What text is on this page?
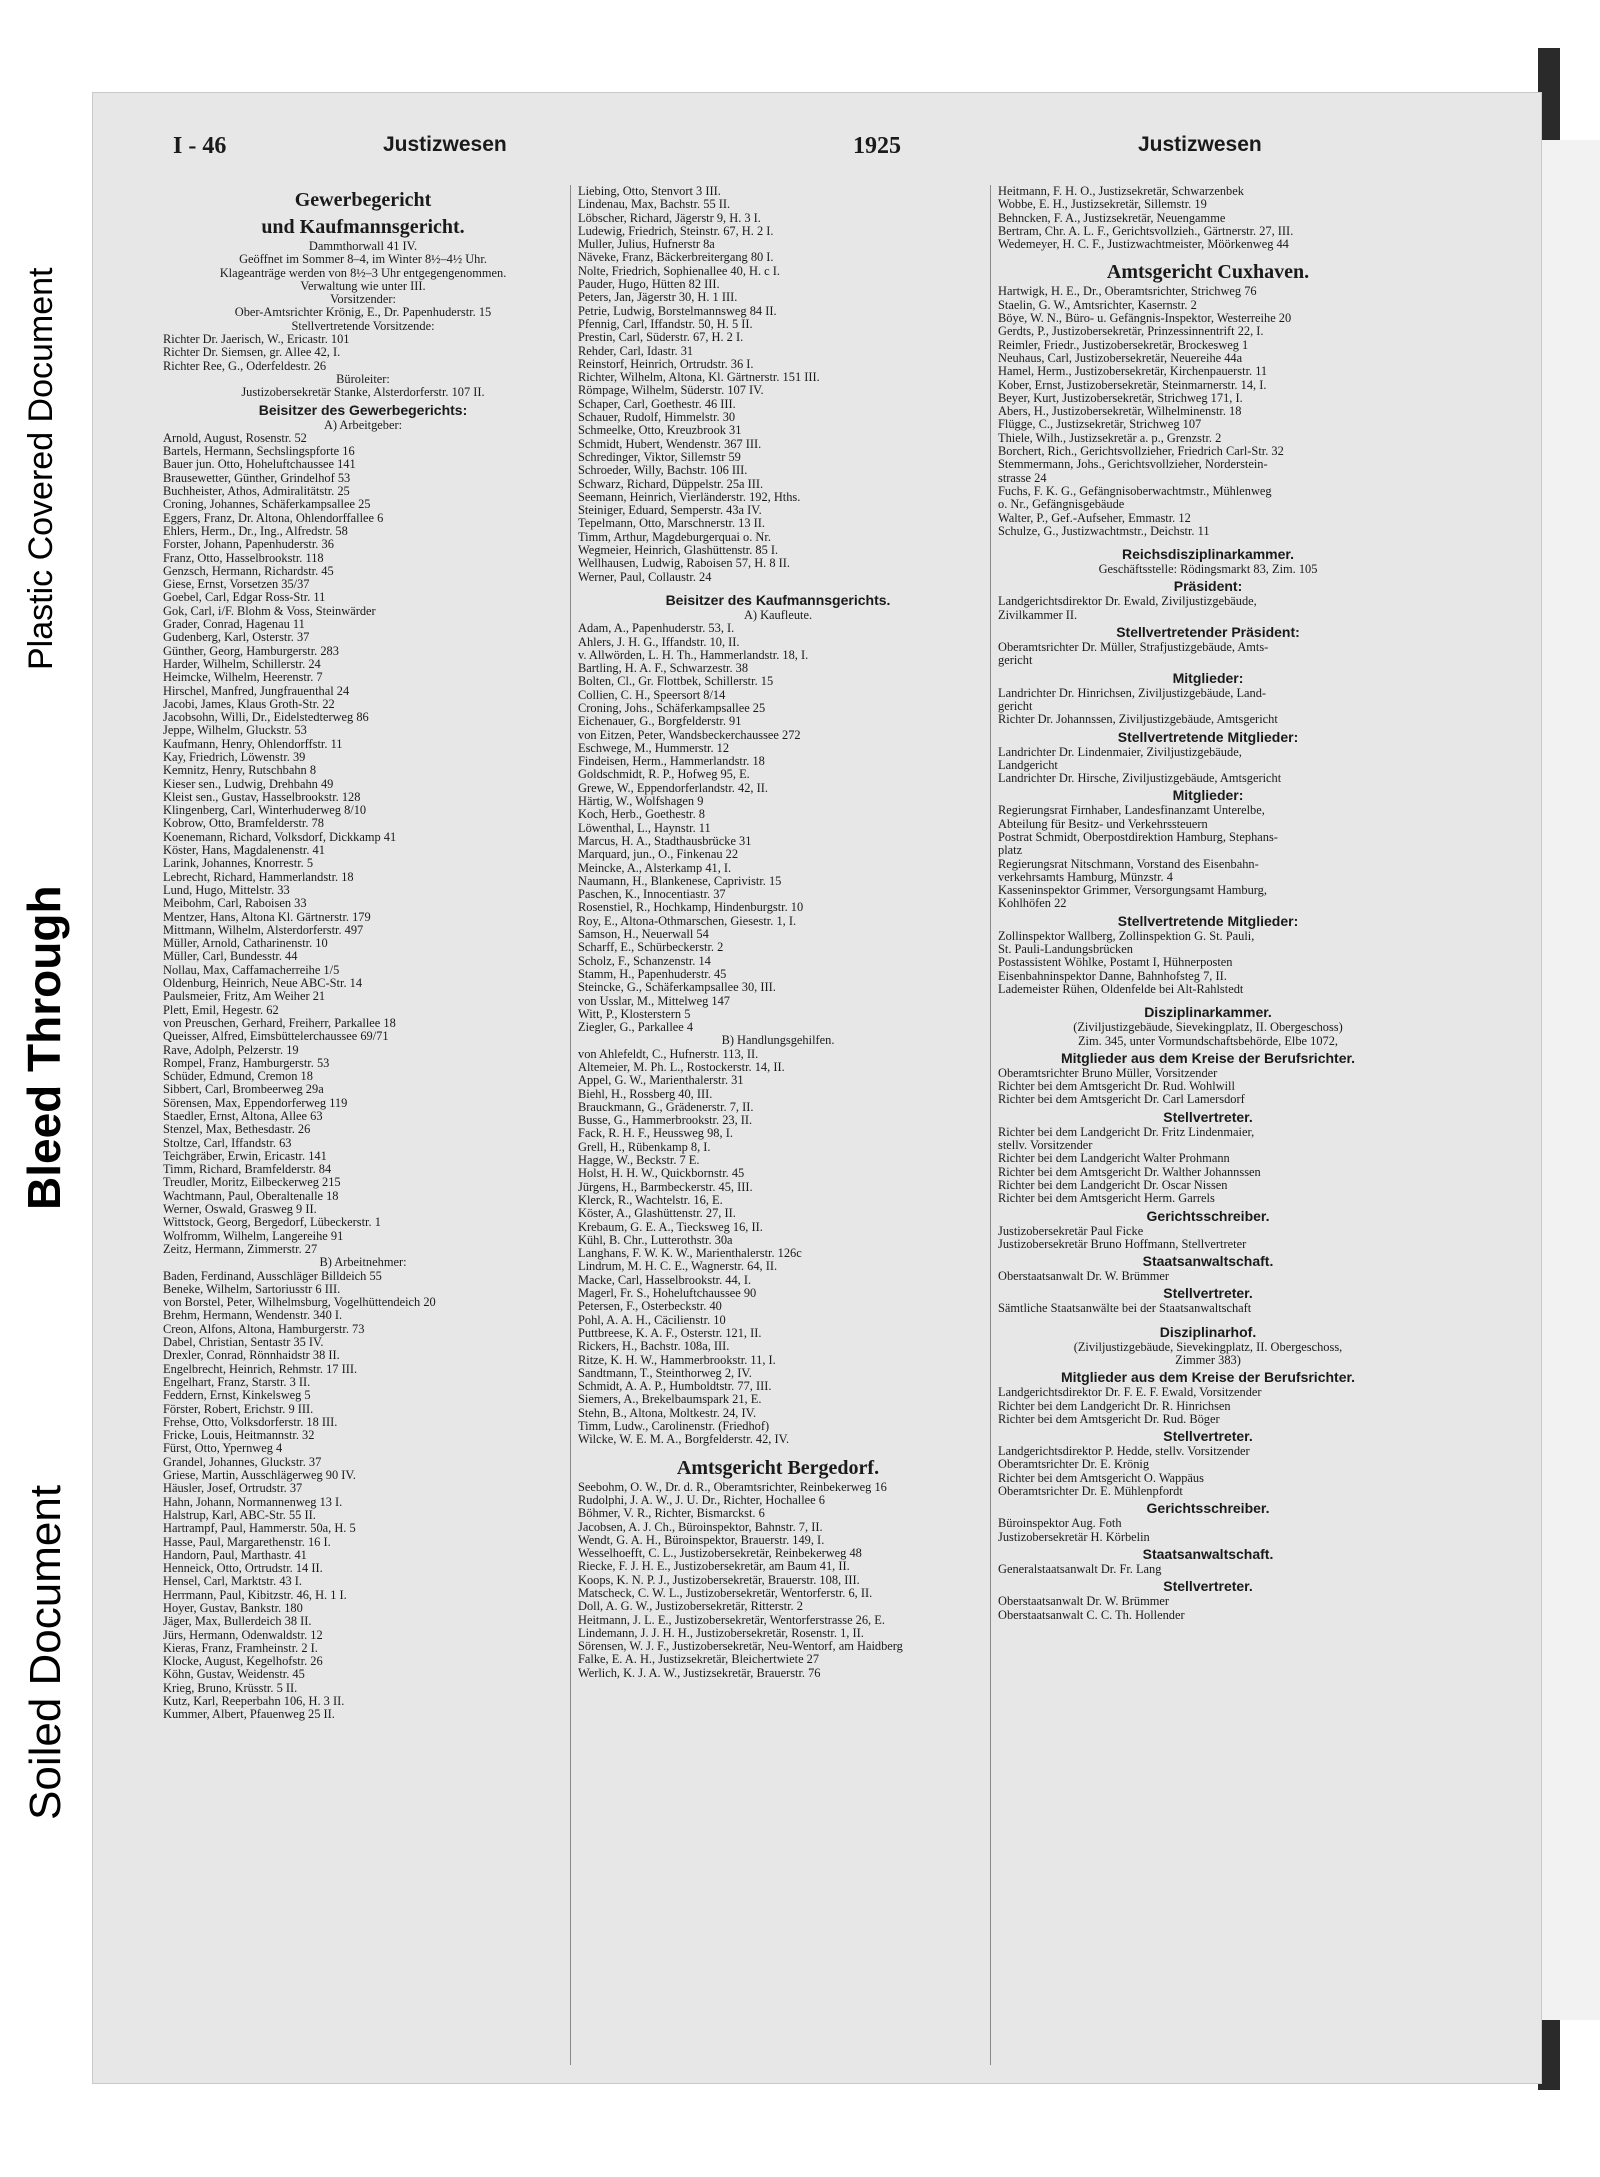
Plastic Covered Document
Bleed Through
Soiled Document
I - 46	Justizwesen	1925	Justizwesen
Gewerbegericht
und Kaufmannsgericht.
Dammthorwall 41 IV.
Geöffnet im Sommer 8–4, im Winter 8½–4½ Uhr.
Klageanträge werden von 8½–3 Uhr entgegengenommen.
Verwaltung wie unter III.
Vorsitzender:
Ober-Amtsrichter Krönig, E., Dr. Papenhuderstr. 15
Stellvertretende Vorsitzende:
Richter Dr. Jaerisch, W., Ericastr. 101
Richter Dr. Siemsen, gr. Allee 42, I.
Richter Ree, G., Oderfeldestr. 26
Büroleiter:
Justizobersekretär Stanke, Alsterdorferstr. 107 II.
Beisitzer des Gewerbegerichts:
A) Arbeitgeber:
Arnold, August, Rosenstr. 52
Bartels, Hermann, Sechslingspforte 16
Bauer jun. Otto, Hoheluftchaussee 141
Brausewetter, Günther, Grindelhof 53
Buchheister, Athos, Admiralitätstr. 25
Croning, Johannes, Schäferkampsallee 25
Eggers, Franz, Dr. Altona, Ohlendorffallee 6
Ehlers, Herm., Dr., Ing., Alfredstr. 58
Forster, Johann, Papenhuderstr. 36
Franz, Otto, Hasselbrookstr. 118
Genzsch, Hermann, Richardstr. 45
Giese, Ernst, Vorsetzen 35/37
Goebel, Carl, Edgar Ross-Str. 11
Gok, Carl, i/F. Blohm & Voss, Steinwärder
Grader, Conrad, Hagenau 11
Gudenberg, Karl, Osterstr. 37
Günther, Georg, Hamburgerstr. 283
Harder, Wilhelm, Schillerstr. 24
Heimcke, Wilhelm, Heerenstr. 7
Hirschel, Manfred, Jungfrauenthal 24
Jacobi, James, Klaus Groth-Str. 22
Jacobsohn, Willi, Dr., Eidelstedterweg 86
Jeppe, Wilhelm, Gluckstr. 53
Kaufmann, Henry, Ohlendorffstr. 11
Kay, Friedrich, Löwenstr. 39
Kemnitz, Henry, Rutschbahn 8
Kieser sen., Ludwig, Drehbahn 49
Kleist sen., Gustav, Hasselbrookstr. 128
Klingenberg, Carl, Winterhuderweg 8/10
Kobrow, Otto, Bramfelderstr. 78
Koenemann, Richard, Volksdorf, Dickkamp 41
Köster, Hans, Magdalenenstr. 41
Larink, Johannes, Knorrestr. 5
Lebrecht, Richard, Hammerlandstr. 18
Lund, Hugo, Mittelstr. 33
Meibohm, Carl, Raboisen 33
Mentzer, Hans, Altona Kl. Gärtnerstr. 179
Mittmann, Wilhelm, Alsterdorferstr. 497
Müller, Arnold, Catharinenstr. 10
Müller, Carl, Bundesstr. 44
Nollau, Max, Caffamacherreihe 1/5
Oldenburg, Heinrich, Neue ABC-Str. 14
Paulsmeier, Fritz, Am Weiher 21
Plett, Emil, Hegestr. 62
von Preuschen, Gerhard, Freiherr, Parkallee 18
Queisser, Alfred, Eimsbüttelerchaussee 69/71
Rave, Adolph, Pelzerstr. 19
Rompel, Franz, Hamburgerstr. 53
Schüder, Edmund, Cremon 18
Sibbert, Carl, Brombeerweg 29a
Sörensen, Max, Eppendorferweg 119
Staedler, Ernst, Altona, Allee 63
Stenzel, Max, Bethesdastr. 26
Stoltze, Carl, Iffandstr. 63
Teichgräber, Erwin, Ericastr. 141
Timm, Richard, Bramfelderstr. 84
Treudler, Moritz, Eilbeckerweg 215
Wachtmann, Paul, Oberaltenalle 18
Werner, Oswald, Grasweg 9 II.
Wittstock, Georg, Bergedorf, Lübeckerstr. 1
Wolfromm, Wilhelm, Langereihe 91
Zeitz, Hermann, Zimmerstr. 27
B) Arbeitnehmer:
Baden, Ferdinand, Ausschläger Billdeich 55
Beneke, Wilhelm, Sartoriusstr 6 III.
von Borstel, Peter, Wilhelmsburg, Vogelhüttendeich 20
Brehm, Hermann, Wendenstr. 340 I.
Creon, Alfons, Altona, Hamburgerstr. 73
Dabel, Christian, Sentastr 35 IV.
Drexler, Conrad, Rönnhaidstr 38 II.
Engelbrecht, Heinrich, Rehmstr. 17 III.
Engelhart, Franz, Starstr. 3 II.
Feddern, Ernst, Kinkelsweg 5
Förster, Robert, Erichstr. 9 III.
Frehse, Otto, Volksdorferstr. 18 III.
Fricke, Louis, Heitmannstr. 32
Fürst, Otto, Ypernweg 4
Grandel, Johannes, Gluckstr. 37
Griese, Martin, Ausschlägerweg 90 IV.
Häusler, Josef, Ortrudstr. 37
Hahn, Johann, Normannenweg 13 I.
Halstrup, Karl, ABC-Str. 55 II.
Hartrampf, Paul, Hammerstr. 50a, H. 5
Hasse, Paul, Margarethenstr. 16 I.
Handorn, Paul, Marthastr. 41
Henneick, Otto, Ortrudstr. 14 II.
Hensel, Carl, Marktstr. 43 I.
Herrmann, Paul, Kibitzstr. 46, H. 1 I.
Hoyer, Gustav, Bankstr. 180
Jäger, Max, Bullerdeich 38 II.
Jürs, Hermann, Odenwaldstr. 12
Kieras, Franz, Framheinstr. 2 I.
Klocke, August, Kegelhofstr. 26
Köhn, Gustav, Weidenstr. 45
Krieg, Bruno, Krüsstr. 5 II.
Kutz, Karl, Reeperbahn 106, H. 3 II.
Kummer, Albert, Pfauenweg 25 II.
Liebing, Otto, Stenvort 3 III.
Lindenau, Max, Bachstr. 55 II.
Löbscher, Richard, Jägerstr 9, H. 3 I.
Ludewig, Friedrich, Steinstr. 67, H. 2 I.
Muller, Julius, Hufnerstr 8a
Näveke, Franz, Bäckerbreitergang 80 I.
Nolte, Friedrich, Sophienallee 40, H. c I.
Pauder, Hugo, Hütten 82 III.
Peters, Jan, Jägerstr 30, H. 1 III.
Petrie, Ludwig, Borstelmannsweg 84 II.
Pfennig, Carl, Iffandstr. 50, H. 5 II.
Prestin, Carl, Süderstr. 67, H. 2 I.
Rehder, Carl, Idastr. 31
Reinstorf, Heinrich, Ortrudstr. 36 I.
Richter, Wilhelm, Altona, Kl. Gärtnerstr. 151 III.
Römpage, Wilhelm, Süderstr. 107 IV.
Schaper, Carl, Goethestr. 46 III.
Schauer, Rudolf, Himmelstr. 30
Schmeelke, Otto, Kreuzbrook 31
Schmidt, Hubert, Wendenstr. 367 III.
Schredinger, Viktor, Sillemstr 59
Schroeder, Willy, Bachstr. 106 III.
Schwarz, Richard, Düppelstr. 25a III.
Seemann, Heinrich, Vierländerstr. 192, Hths.
Steiniger, Eduard, Semperstr. 43a IV.
Tepelmann, Otto, Marschnerstr. 13 II.
Timm, Arthur, Magdeburgerquai o. Nr.
Wegmeier, Heinrich, Glashüttenstr. 85 I.
Wellhausen, Ludwig, Raboisen 57, H. 8 II.
Werner, Paul, Collaustr. 24
Beisitzer des Kaufmannsgerichts.
A) Kaufleute.
Adam, A., Papenhuderstr. 53, I.
Ahlers, J. H. G., Iffandstr. 10, II.
v. Allwörden, L. H. Th., Hammerlandstr. 18, I.
Bartling, H. A. F., Schwarzestr. 38
Bolten, Cl., Gr. Flottbek, Schillerstr. 15
Collien, C. H., Speersort 8/14
Croning, Johs., Schäferkampsallee 25
Eichenauer, G., Borgfelderstr. 91
von Eitzen, Peter, Wandsbeckerchaussee 272
Eschwege, M., Hummerstr. 12
Findeisen, Herm., Hammerlandstr. 18
Goldschmidt, R. P., Hofweg 95, E.
Grewe, W., Eppendorferlandstr. 42, II.
Härtig, W., Wolfshagen 9
Koch, Herb., Goethestr. 8
Löwenthal, L., Haynstr. 11
Marcus, H. A., Stadthausbrücke 31
Marquard, jun., O., Finkenau 22
Meincke, A., Alsterkamp 41, I.
Naumann, H., Blankenese, Caprivistr. 15
Paschen, K., Innocentiastr. 37
Rosenstiel, R., Hochkamp, Hindenburgstr. 10
Roy, E., Altona-Othmarschen, Giesestr. 1, I.
Samson, H., Neuerwall 54
Scharff, E., Schürbeckerstr. 2
Scholz, F., Schanzenstr. 14
Stamm, H., Papenhuderstr. 45
Steincke, G., Schäferkampsallee 30, III.
von Usslar, M., Mittelweg 147
Witt, P., Klosterstern 5
Ziegler, G., Parkallee 4
B) Handlungsgehilfen.
von Ahlefeldt, C., Hufnerstr. 113, II.
Altemeier, M. Ph. L., Rostockerstr. 14, II.
Appel, G. W., Marienthalerstr. 31
Biehl, H., Rossberg 40, III.
Brauckmann, G., Grädenerstr. 7, II.
Busse, G., Hammerbrookstr. 23, II.
Fack, R. H. F., Heussweg 98, I.
Grell, H., Rübenkamp 8, I.
Hagge, W., Beckstr. 7 E.
Holst, H. H. W., Quickbornstr. 45
Jürgens, H., Barmbeckerstr. 45, III.
Klerck, R., Wachtelstr. 16, E.
Köster, A., Glashüttenstr. 27, II.
Krebaum, G. E. A., Tiecksweg 16, II.
Kühl, B. Chr., Lutterothstr. 30a
Langhans, F. W. K. W., Marienthalerstr. 126c
Lindrum, M. H. C. E., Wagnerstr. 64, II.
Macke, Carl, Hasselbrookstr. 44, I.
Magerl, Fr. S., Hoheluftchaussee 90
Petersen, F., Osterbeckstr. 40
Pohl, A. A. H., Cäcilienstr. 10
Puttbreese, K. A. F., Osterstr. 121, II.
Rickers, H., Bachstr. 108a, III.
Ritze, K. H. W., Hammerbrookstr. 11, I.
Sandtmann, T., Steinthorweg 2, IV.
Schmidt, A. A. P., Humboldtstr. 77, III.
Siemers, A., Brekelbaumspark 21, E.
Stehn, B., Altona, Moltkestr. 24, IV.
Timm, Ludw., Carolinenstr. (Friedhof)
Wilcke, W. E. M. A., Borgfelderstr. 42, IV.
Amtsgericht Bergedorf.
Seebohm, O. W., Dr. d. R., Oberamtsrichter, Reinbekerweg 16
Rudolphi, J. A. W., J. U. Dr., Richter, Hochallee 6
Böhmer, V. R., Richter, Bismarckst. 6
Jacobsen, A. J. Ch., Büroinspektor, Bahnstr. 7, II.
Wendt, G. A. H., Büroinspektor, Brauerstr. 149, I.
Wesselhoefft, C. L., Justizobersekretär, Reinbekerweg 48
Riecke, F. J. H. E., Justizobersekretär, am Baum 41, II.
Koops, K. N. P. J., Justizobersekretär, Brauerstr. 108, III.
Matscheck, C. W. L., Justizobersekretär, Wentorferstr. 6, II.
Doll, A. G. W., Justizobersekretär, Ritterstr. 2
Heitmann, J. L. E., Justizobersekretär, Wentorferstrasse 26, E.
Lindemann, J. J. H. H., Justizobersekretär, Rosenstr. 1, II.
Sörensen, W. J. F., Justizobersekretär, Neu-Wentorf, am Haidberg
Falke, E. A. H., Justizsekretär, Bleichertwiete 27
Werlich, K. J. A. W., Justizsekretär, Brauerstr. 76
Heitmann, F. H. O., Justizsekretär, Schwarzenbek
Wobbe, E. H., Justizsekretär, Sillemstr. 19
Behncken, F. A., Justizsekretär, Neuengamme
Bertram, Chr. A. L. F., Gerichtsvollzieh., Gärtnerstr. 27, III.
Wedemeyer, H. C. F., Justizwachtmeister, Möörkenweg 44
Amtsgericht Cuxhaven.
Hartwigk, H. E., Dr., Oberamtsrichter, Strichweg 76
Staelin, G. W., Amtsrichter, Kasernstr. 2
Böye, W. N., Büro- u. Gefängnis-Inspektor, Westerreihe 20
Gerdts, P., Justizobersekretär, Prinzessinnentrift 22, I.
Reimler, Friedr., Justizobersekretär, Brockesweg 1
Neuhaus, Carl, Justizobersekretär, Neuereihe 44a
Hamel, Herm., Justizobersekretär, Kirchenpauerstr. 11
Kober, Ernst, Justizobersekretär, Steinmarnerstr. 14, I.
Beyer, Kurt, Justizobersekretär, Strichweg 171, I.
Abers, H., Justizobersekretär, Wilhelminenstr. 18
Flügge, C., Justizsekretär, Strichweg 107
Thiele, Wilh., Justizsekretär a. p., Grenzstr. 2
Borchert, Rich., Gerichtsvollzieher, Friedrich Carl-Str. 32
Stemmermann, Johs., Gerichtsvollzieher, Norderstein-
strasse 24
Fuchs, F. K. G., Gefängnisoberwachtmstr., Mühlenweg
o. Nr., Gefängnisgebäude
Walter, P., Gef.-Aufseher, Emmastr. 12
Schulze, G., Justizwachtmstr., Deichstr. 11
Reichsdisziplinarkammer.
Geschäftsstelle: Rödingsmarkt 83, Zim. 105
Präsident:
Landgerichtsdirektor Dr. Ewald, Ziviljustizgebäude,
Zivilkammer II.
Stellvertretender Präsident:
Oberamtsrichter Dr. Müller, Strafjustizgebäude, Amts-
gericht
Mitglieder:
Landrichter Dr. Hinrichsen, Ziviljustizgebäude, Land-
gericht
Richter Dr. Johannssen, Ziviljustizgebäude, Amtsgericht
Stellvertretende Mitglieder:
Landrichter Dr. Lindenmaier, Ziviljustizgebäude,
Landgericht
Landrichter Dr. Hirsche, Ziviljustizgebäude, Amtsgericht
Mitglieder:
Regierungsrat Firnhaber, Landesfinanzamt Unterelbe,
Abteilung für Besitz- und Verkehrssteuern
Postrat Schmidt, Oberpostdirektion Hamburg, Stephans-
platz
Regierungsrat Nitschmann, Vorstand des Eisenbahn-
verkehrsamts Hamburg, Münzstr. 4
Kasseninspektor Grimmer, Versorgungsamt Hamburg,
Kohlhöfen 22
Stellvertretende Mitglieder:
Zollinspektor Wallberg, Zollinspektion G. St. Pauli,
St. Pauli-Landungsbrücken
Postassistent Wöhlke, Postamt I, Hühnerposten
Eisenbahninspektor Danne, Bahnhofsteg 7, II.
Lademeister Rühen, Oldenfelde bei Alt-Rahlstedt
Disziplinarkammer.
(Ziviljustizgebäude, Sievekingplatz, II. Obergeschoss)
Zim. 345, unter Vormundschaftsbehörde, Elbe 1072,
Mitglieder aus dem Kreise der Berufsrichter.
Oberamtsrichter Bruno Müller, Vorsitzender
Richter bei dem Amtsgericht Dr. Rud. Wohlwill
Richter bei dem Amtsgericht Dr. Carl Lamersdorf
Stellvertreter.
Richter bei dem Landgericht Dr. Fritz Lindenmaier,
stellv. Vorsitzender
Richter bei dem Landgericht Walter Prohmann
Richter bei dem Amtsgericht Dr. Walther Johannssen
Richter bei dem Landgericht Dr. Oscar Nissen
Richter bei dem Amtsgericht Herm. Garrels
Gerichtsschreiber.
Justizobersekretär Paul Ficke
Justizobersekretär Bruno Hoffmann, Stellvertreter
Staatsanwaltschaft.
Oberstaatsanwalt Dr. W. Brümmer
Stellvertreter.
Sämtliche Staatsanwälte bei der Staatsanwaltschaft
Disziplinarhof.
(Ziviljustizgebäude, Sievekingplatz, II. Obergeschoss,
Zimmer 383)
Mitglieder aus dem Kreise der Berufsrichter.
Landgerichtsdirektor Dr. F. E. F. Ewald, Vorsitzender
Richter bei dem Landgericht Dr. R. Hinrichsen
Richter bei dem Amtsgericht Dr. Rud. Böger
Stellvertreter.
Landgerichtsdirektor P. Hedde, stellv. Vorsitzender
Oberamtsrichter Dr. E. Krönig
Richter bei dem Amtsgericht O. Wappäus
Oberamtsrichter Dr. E. Mühlenpfordt
Gerichtsschreiber.
Büroinspektor Aug. Foth
Justizobersekretär H. Körbelin
Staatsanwaltschaft.
Generalstaatsanwalt Dr. Fr. Lang
Stellvertreter.
Oberstaatsanwalt Dr. W. Brümmer
Oberstaatsanwalt C. C. Th. Hollender
